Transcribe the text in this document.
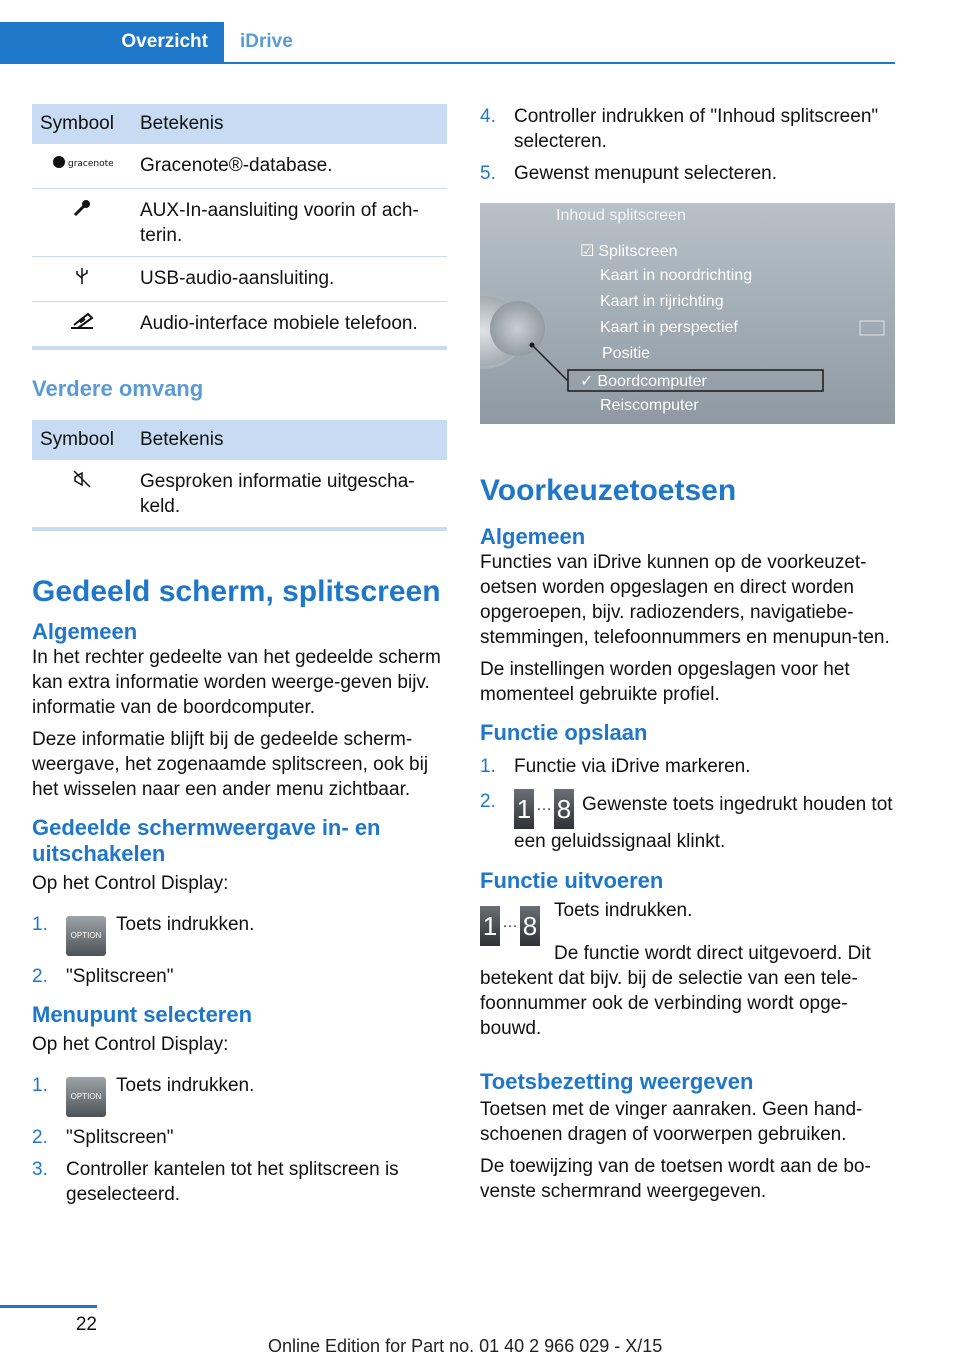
Overzicht	iDrive
Symbool	Betekenis

gracenote	Gracenote®-database.
	AUX-In-aansluiting voorin of ach-terin.
	USB-audio-aansluiting.
	Audio-interface mobiele telefoon.
Verdere omvang
Symbool	Betekenis
	Gesproken informatie uitgescha-keld.
Gedeeld scherm, splitscreen
Algemeen
In het rechter gedeelte van het gedeelde scherm kan extra informatie worden weerge-geven bijv. informatie van de boordcomputer.
Deze informatie blijft bij de gedeelde scherm-weergave, het zogenaamde splitscreen, ook bij het wisselen naar een ander menu zichtbaar.
Gedeelde schermweergave in- en uitschakelen
Op het Control Display:
1.
OPTIONToets indrukken.
2. "Splitscreen"
Menupunt selecteren
Op het Control Display:
1.
OPTIONToets indrukken.
2. "Splitscreen"
3. Controller kantelen tot het splitscreen is geselecteerd.
4. Controller indrukken of "Inhoud splitscreen" selecteren.
5. Gewenst menupunt selecteren.
Inhoud splitscreen
☑ Splitscreen
Kaart in noordrichting
Kaart in rijrichting
Kaart in perspectief
Positie
✓ Boordcomputer
Reiscomputer
Voorkeuzetoetsen
Algemeen
Functies van iDrive kunnen op de voorkeuzet-oetsen worden opgeslagen en direct worden opgeroepen, bijv. radiozenders, navigatiebe-stemmingen, telefoonnummers en menupun-ten.
De instellingen worden opgeslagen voor het momenteel gebruikte profiel.
Functie opslaan
1. Functie via iDrive markeren.
2. 1 … 8 Gewenste toets ingedrukt houden tot een geluidssignaal klinkt.
Functie uitvoeren
1 … 8
Toets indrukken.
De functie wordt direct uitgevoerd. Dit betekent dat bijv. bij de selectie van een tele-foonnummer ook de verbinding wordt opge-bouwd.
Toetsbezetting weergeven
Toetsen met de vinger aanraken. Geen hand-schoenen dragen of voorwerpen gebruiken.
De toewijzing van de toetsen wordt aan de bo-venste schermrand weergegeven.
22
Online Edition for Part no. 01 40 2 966 029 - X/15
